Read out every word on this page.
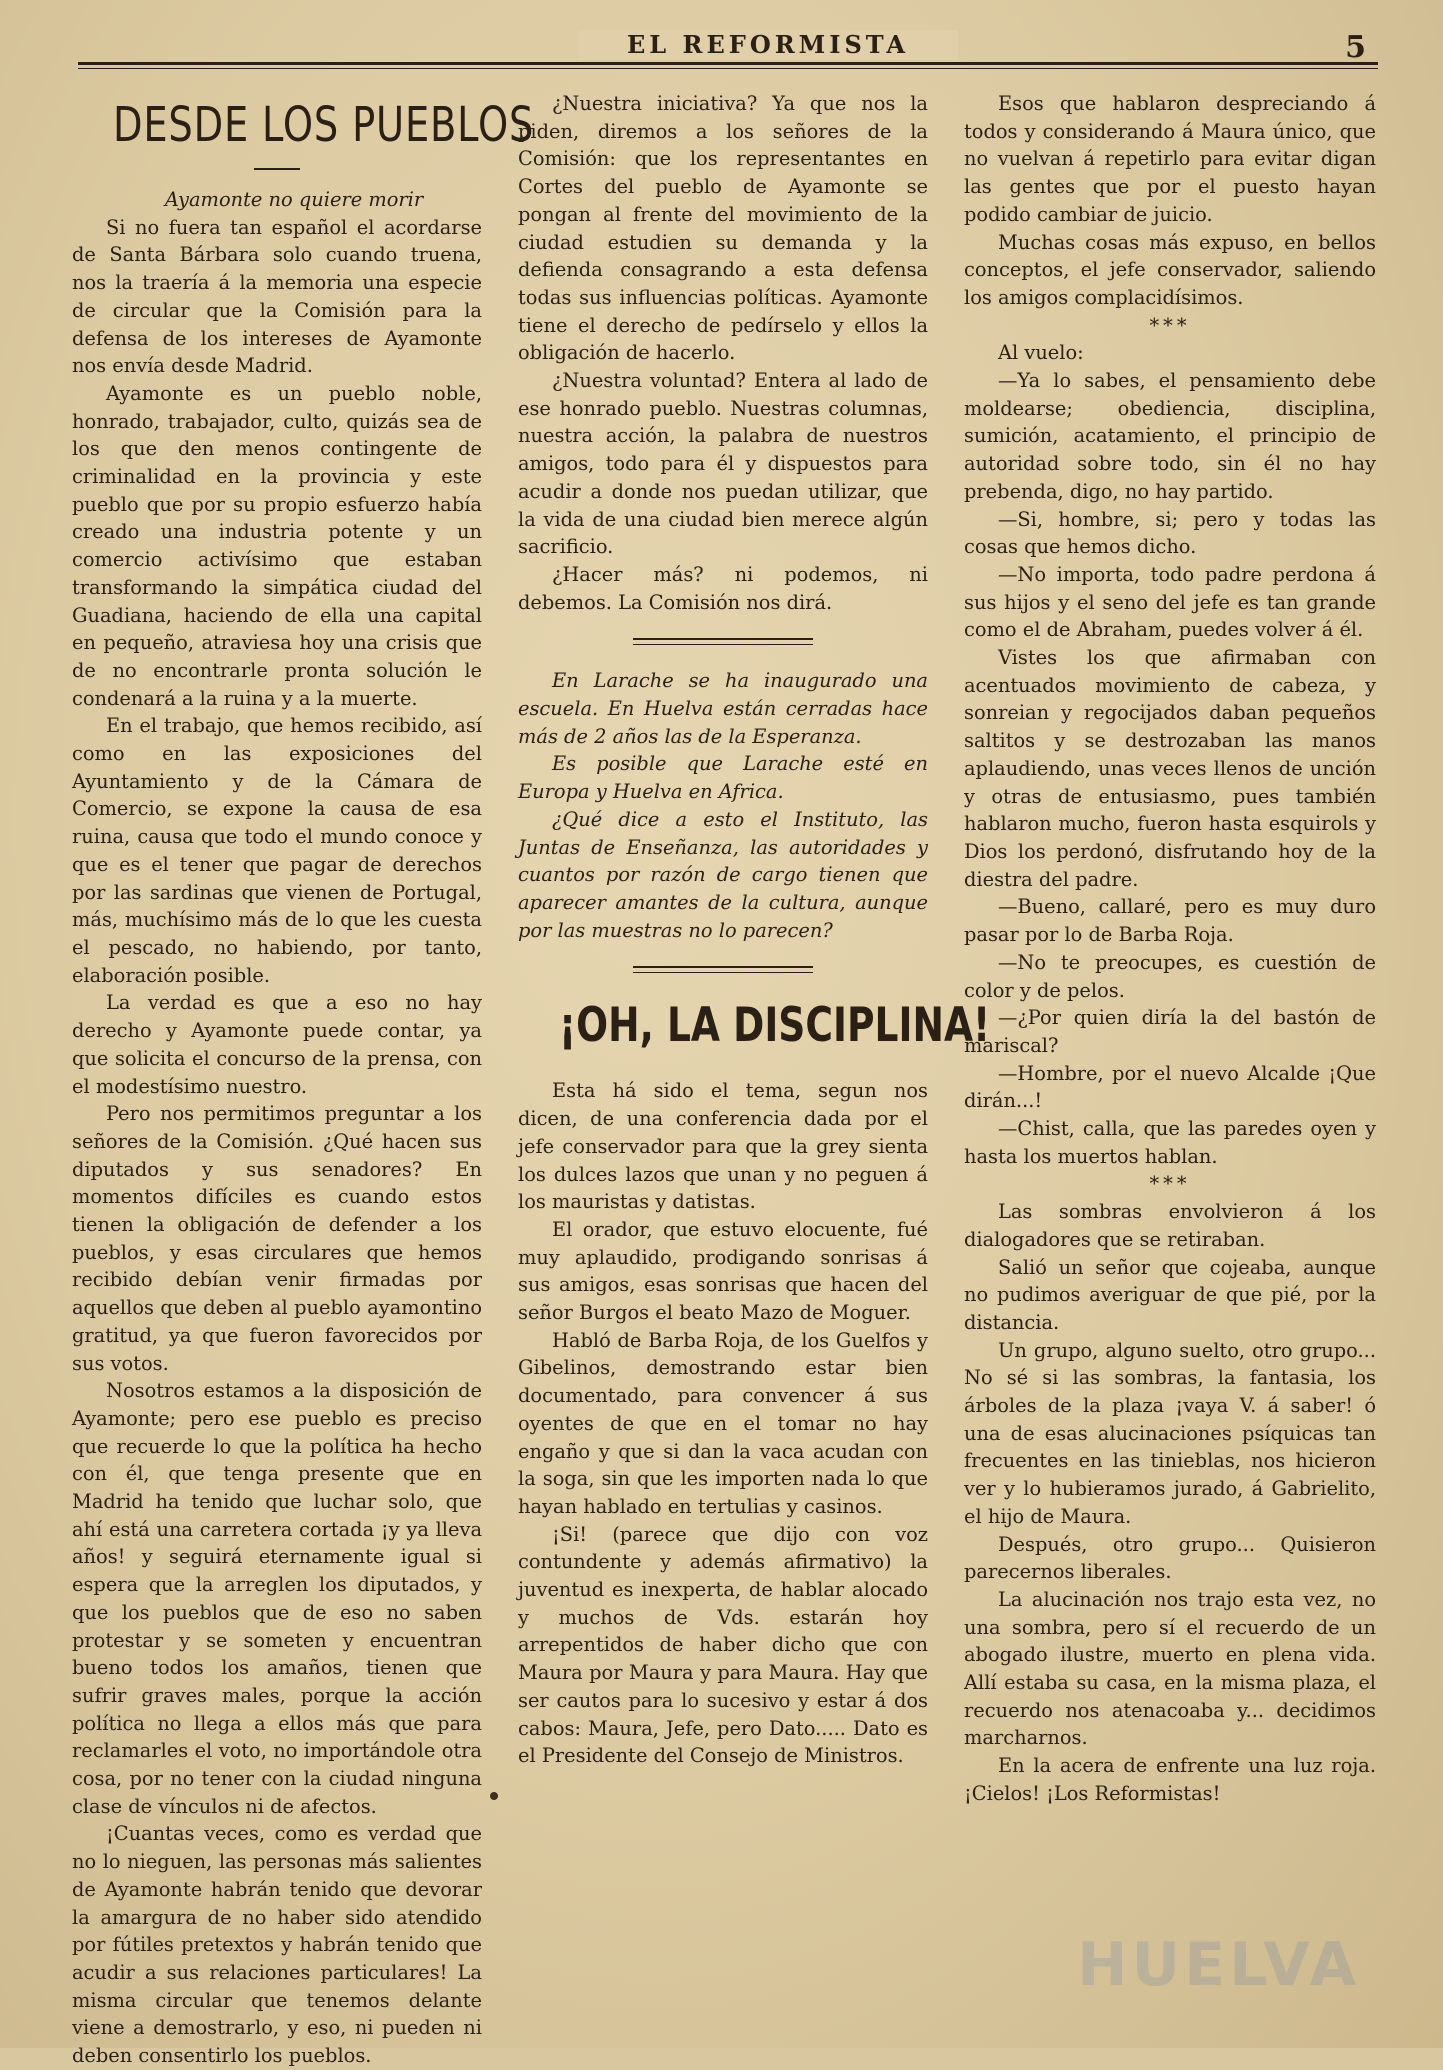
EL REFORMISTA	5
DESDE LOS PUEBLOS

Ayamonte no quiere morir

Si no fuera tan español el acordarse de Santa Bárbara solo cuando truena, nos la traería á la memoria una especie de circular que la Comisión para la defensa de los intereses de Ayamonte nos envía desde Madrid.

Ayamonte es un pueblo noble, honrado, trabajador, culto, quizás sea de los que den menos contingente de criminalidad en la provincia y este pueblo que por su propio esfuerzo había creado una industria potente y un comercio activísimo que estaban transformando la simpática ciudad del Guadiana, haciendo de ella una capital en pequeño, atraviesa hoy una crisis que de no encontrarle pronta solución le condenará a la ruina y a la muerte.

En el trabajo, que hemos recibido, así como en las exposiciones del Ayuntamiento y de la Cámara de Comercio, se expone la causa de esa ruina, causa que todo el mundo conoce y que es el tener que pagar de derechos por las sardinas que vienen de Portugal, más, muchísimo más de lo que les cuesta el pescado, no habiendo, por tanto, elaboración posible.

La verdad es que a eso no hay derecho y Ayamonte puede contar, ya que solicita el concurso de la prensa, con el modestísimo nuestro.

Pero nos permitimos preguntar a los señores de la Comisión. ¿Qué hacen sus diputados y sus senadores? En momentos difíciles es cuando estos tienen la obligación de defender a los pueblos, y esas circulares que hemos recibido debían venir firmadas por aquellos que deben al pueblo ayamontino gratitud, ya que fueron favorecidos por sus votos.

Nosotros estamos a la disposición de Ayamonte; pero ese pueblo es preciso que recuerde lo que la política ha hecho con él, que tenga presente que en Madrid ha tenido que luchar solo, que ahí está una carretera cortada ¡y ya lleva años! y seguirá eternamente igual si espera que la arreglen los diputados, y que los pueblos que de eso no saben protestar y se someten y encuentran bueno todos los amaños, tienen que sufrir graves males, porque la acción política no llega a ellos más que para reclamarles el voto, no importándole otra cosa, por no tener con la ciudad ninguna clase de vínculos ni de afectos.

¡Cuantas veces, como es verdad que no lo nieguen, las personas más salientes de Ayamonte habrán tenido que devorar la amargura de no haber sido atendido por fútiles pretextos y habrán tenido que acudir a sus relaciones particulares! La misma circular que tenemos delante viene a demostrarlo, y eso, ni pueden ni deben consentirlo los pueblos.

¿Nuestra iniciativa? Ya que nos la piden, diremos a los señores de la Comisión: que los representantes en Cortes del pueblo de Ayamonte se pongan al frente del movimiento de la ciudad estudien su demanda y la defienda consagrando a esta defensa todas sus influencias políticas. Ayamonte tiene el derecho de pedírselo y ellos la obligación de hacerlo.

¿Nuestra voluntad? Entera al lado de ese honrado pueblo. Nuestras columnas, nuestra acción, la palabra de nuestros amigos, todo para él y dispuestos para acudir a donde nos puedan utilizar, que la vida de una ciudad bien merece algún sacrificio.

¿Hacer más? ni podemos, ni debemos. La Comisión nos dirá.

En Larache se ha inaugurado una escuela. En Huelva están cerradas hace más de 2 años las de la Esperanza.

Es posible que Larache esté en Europa y Huelva en Africa.

¿Qué dice a esto el Instituto, las Juntas de Enseñanza, las autoridades y cuantos por razón de cargo tienen que aparecer amantes de la cultura, aunque por las muestras no lo parecen?

¡OH, LA DISCIPLINA!

Esta há sido el tema, segun nos dicen, de una conferencia dada por el jefe conservador para que la grey sienta los dulces lazos que unan y no peguen á los mauristas y datistas.

El orador, que estuvo elocuente, fué muy aplaudido, prodigando sonrisas á sus amigos, esas sonrisas que hacen del señor Burgos el beato Mazo de Moguer.

Habló de Barba Roja, de los Guelfos y Gibelinos, demostrando estar bien documentado, para convencer á sus oyentes de que en el tomar no hay engaño y que si dan la vaca acudan con la soga, sin que les importen nada lo que hayan hablado en tertulias y casinos.

¡Si! (parece que dijo con voz contundente y además afirmativo) la juventud es inexperta, de hablar alocado y muchos de Vds. estarán hoy arrepentidos de haber dicho que con Maura por Maura y para Maura. Hay que ser cautos para lo sucesivo y estar á dos cabos: Maura, Jefe, pero Dato..... Dato es el Presidente del Consejo de Ministros.

Esos que hablaron despreciando á todos y considerando á Maura único, que no vuelvan á repetirlo para evitar digan las gentes que por el puesto hayan podido cambiar de juicio.

Muchas cosas más expuso, en bellos conceptos, el jefe conservador, saliendo los amigos complacidísimos.

***

Al vuelo:

—Ya lo sabes, el pensamiento debe moldearse; obediencia, disciplina, sumición, acatamiento, el principio de autoridad sobre todo, sin él no hay prebenda, digo, no hay partido.

—Si, hombre, si; pero y todas las cosas que hemos dicho.

—No importa, todo padre perdona á sus hijos y el seno del jefe es tan grande como el de Abraham, puedes volver á él.

Vistes los que afirmaban con acentuados movimiento de cabeza, y sonreian y regocijados daban pequeños saltitos y se destrozaban las manos aplaudiendo, unas veces llenos de unción y otras de entusiasmo, pues también hablaron mucho, fueron hasta esquirols y Dios los perdonó, disfrutando hoy de la diestra del padre.

—Bueno, callaré, pero es muy duro pasar por lo de Barba Roja.

—No te preocupes, es cuestión de color y de pelos.

—¿Por quien diría la del bastón de mariscal?

—Hombre, por el nuevo Alcalde ¡Que dirán...!

—Chist, calla, que las paredes oyen y hasta los muertos hablan.

***

Las sombras envolvieron á los dialogadores que se retiraban.

Salió un señor que cojeaba, aunque no pudimos averiguar de que pié, por la distancia.

Un grupo, alguno suelto, otro grupo... No sé si las sombras, la fantasia, los árboles de la plaza ¡vaya V. á saber! ó una de esas alucinaciones psíquicas tan frecuentes en las tinieblas, nos hicieron ver y lo hubieramos jurado, á Gabrielito, el hijo de Maura.

Después, otro grupo... Quisieron parecernos liberales.

La alucinación nos trajo esta vez, no una sombra, pero sí el recuerdo de un abogado ilustre, muerto en plena vida. Allí estaba su casa, en la misma plaza, el recuerdo nos atenacoaba y... decidimos marcharnos.

En la acera de enfrente una luz roja. ¡Cielos! ¡Los Reformistas!

HUELVA
